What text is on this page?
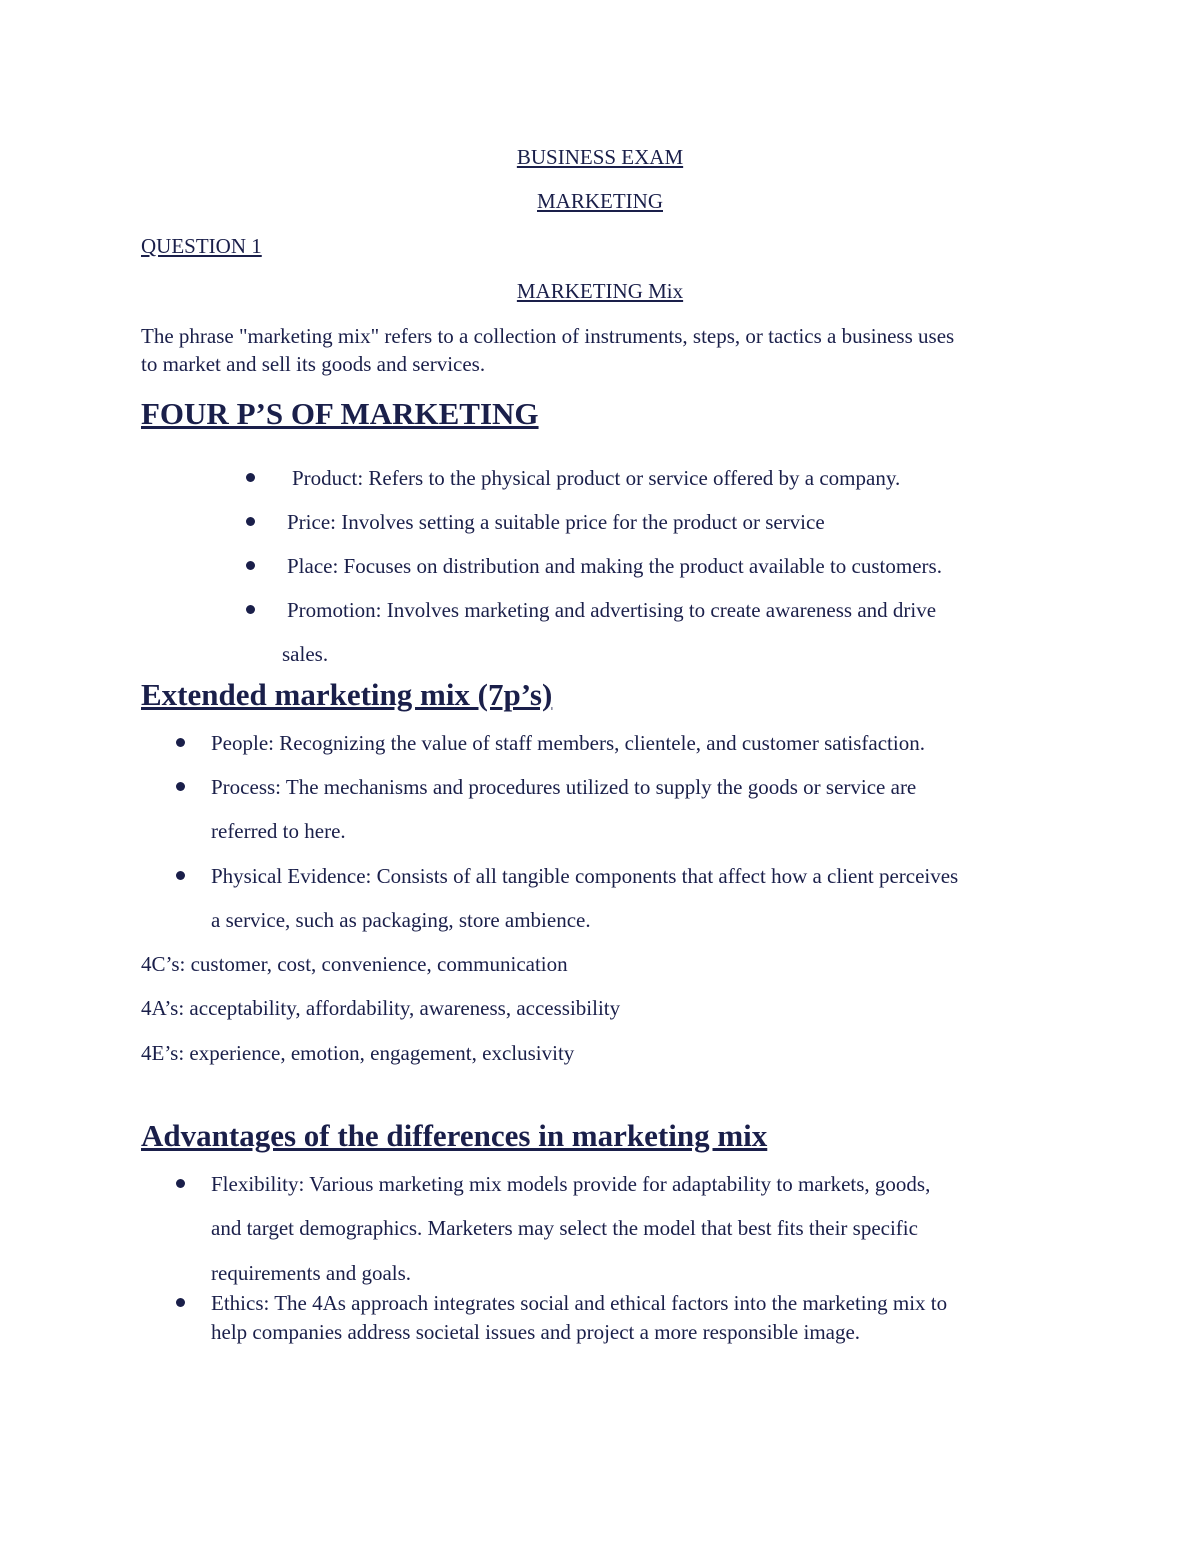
BUSINESS EXAM
MARKETING
QUESTION 1
MARKETING Mix
The phrase "marketing mix" refers to a collection of instruments, steps, or tactics a business uses
to market and sell its goods and services.
FOUR P’S OF MARKETING
Product: Refers to the physical product or service offered by a company.
Price: Involves setting a suitable price for the product or service
Place: Focuses on distribution and making the product available to customers.
Promotion: Involves marketing and advertising to create awareness and drive
sales.
Extended marketing mix (7p’s)
People: Recognizing the value of staff members, clientele, and customer satisfaction.
Process: The mechanisms and procedures utilized to supply the goods or service are
referred to here.
Physical Evidence: Consists of all tangible components that affect how a client perceives
a service, such as packaging, store ambience.
4C’s: customer, cost, convenience, communication
4A’s: acceptability, affordability, awareness, accessibility
4E’s: experience, emotion, engagement, exclusivity
Advantages of the differences in marketing mix
Flexibility: Various marketing mix models provide for adaptability to markets, goods,
and target demographics. Marketers may select the model that best fits their specific
requirements and goals.
Ethics: The 4As approach integrates social and ethical factors into the marketing mix to
help companies address societal issues and project a more responsible image.
